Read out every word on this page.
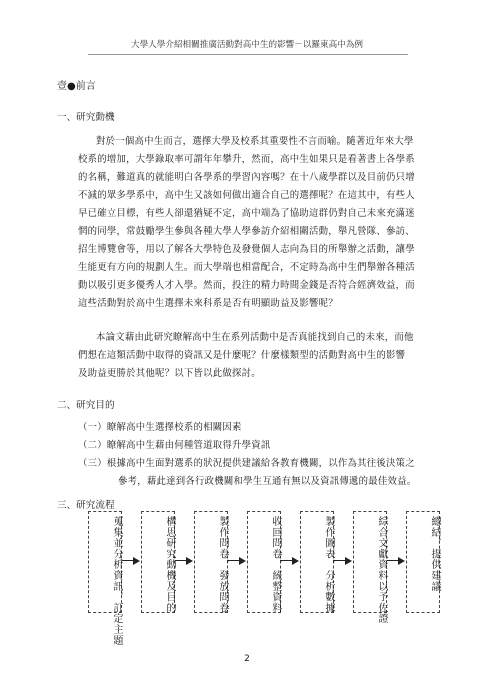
大學人學介紹相關推廣活動對高中生的影響－以羅東高中為例
壹●前言
一、研究動機
對於一個高中生而言，選擇大學及校系其重要性不言而喻。隨著近年來大學
校系的增加，大學錄取率可謂年年攀升，然而，高中生如果只是看著書上各學系
的名稱，難道真的就能明白各學系的學習內容嗎？在十八歲學群以及目前仍只增
不減的眾多學系中，高中生又該如何做出適合自己的選擇呢？在這其中，有些人
早已確立目標，有些人卻還猶疑不定，高中端為了協助這群仍對自己未來充滿迷
惘的同學，常鼓勵學生參與各種大學人學參訪介紹相關活動，舉凡營隊、參訪、
招生博覽會等，用以了解各大學特色及發覺個人志向為目的所舉辦之活動，讓學
生能更有方向的規劃人生。而大學端也相當配合，不定時為高中生們舉辦各種活
動以吸引更多優秀人才入學。然而，投注的精力時間金錢是否符合經濟效益，而
這些活動對於高中生選擇未來科系是否有明顯助益及影響呢？
本論文藉由此研究瞭解高中生在系列活動中是否真能找到自己的未來，而他
們想在這類活動中取得的資訊又是什麼呢？什麼樣類型的活動對高中生的影響
及助益更勝於其他呢？以下皆以此做探討。
二、研究目的
（一）瞭解高中生選擇校系的相關因素
（二）瞭解高中生藉由何種管道取得升學資訊
（三）根據高中生面對選系的狀況提供建議給各教育機關，以作為其往後決策之
參考，藉此達到各行政機關和學生互通有無以及資訊傳遞的最佳效益。
三、研究流程
蒐集並分析資訊，訂定主題	構思研究動機及目的	製作問卷，發放問卷	收回問卷，統整資料	製作圖表，分析數據	綜合文獻資料以予佐證	總結，提供建議
2
